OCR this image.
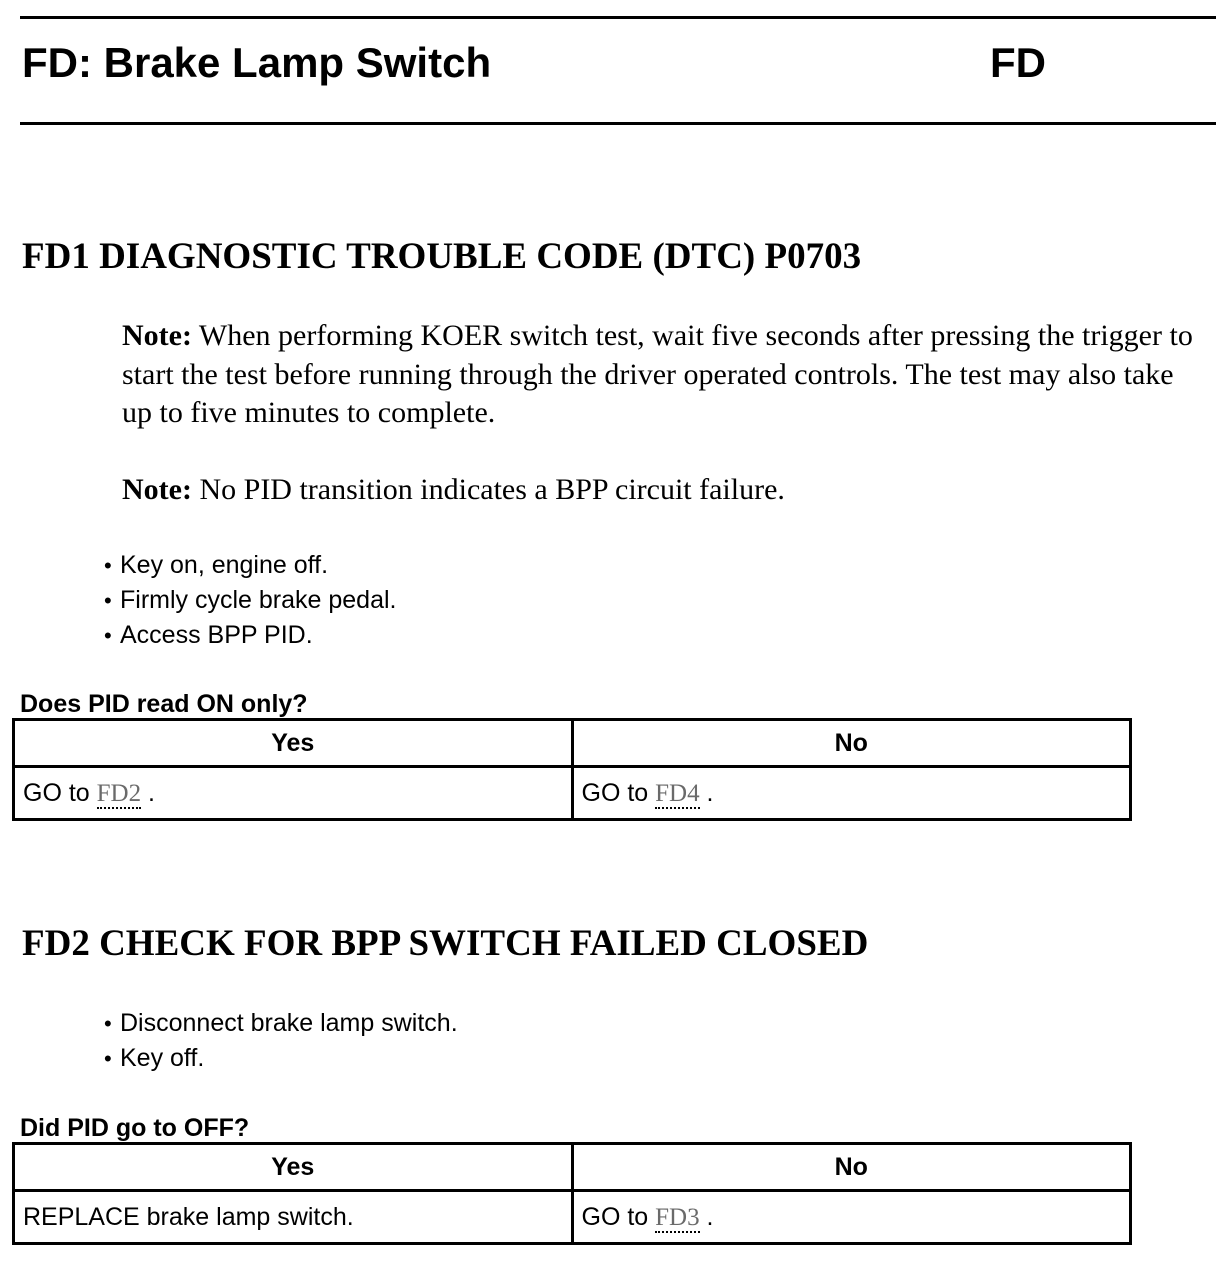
FD: Brake Lamp Switch	FD
FD1 DIAGNOSTIC TROUBLE CODE (DTC) P0703
Note: When performing KOER switch test, wait five seconds after pressing the trigger to start the test before running through the driver operated controls. The test may also take up to five minutes to complete.
Note: No PID transition indicates a BPP circuit failure.
• Key on, engine off.
• Firmly cycle brake pedal.
• Access BPP PID.
Does PID read ON only?
Yes	No
GO to FD2 .	GO to FD4 .
FD2 CHECK FOR BPP SWITCH FAILED CLOSED
• Disconnect brake lamp switch.
• Key off.
Did PID go to OFF?
Yes	No
REPLACE brake lamp switch.	GO to FD3 .
